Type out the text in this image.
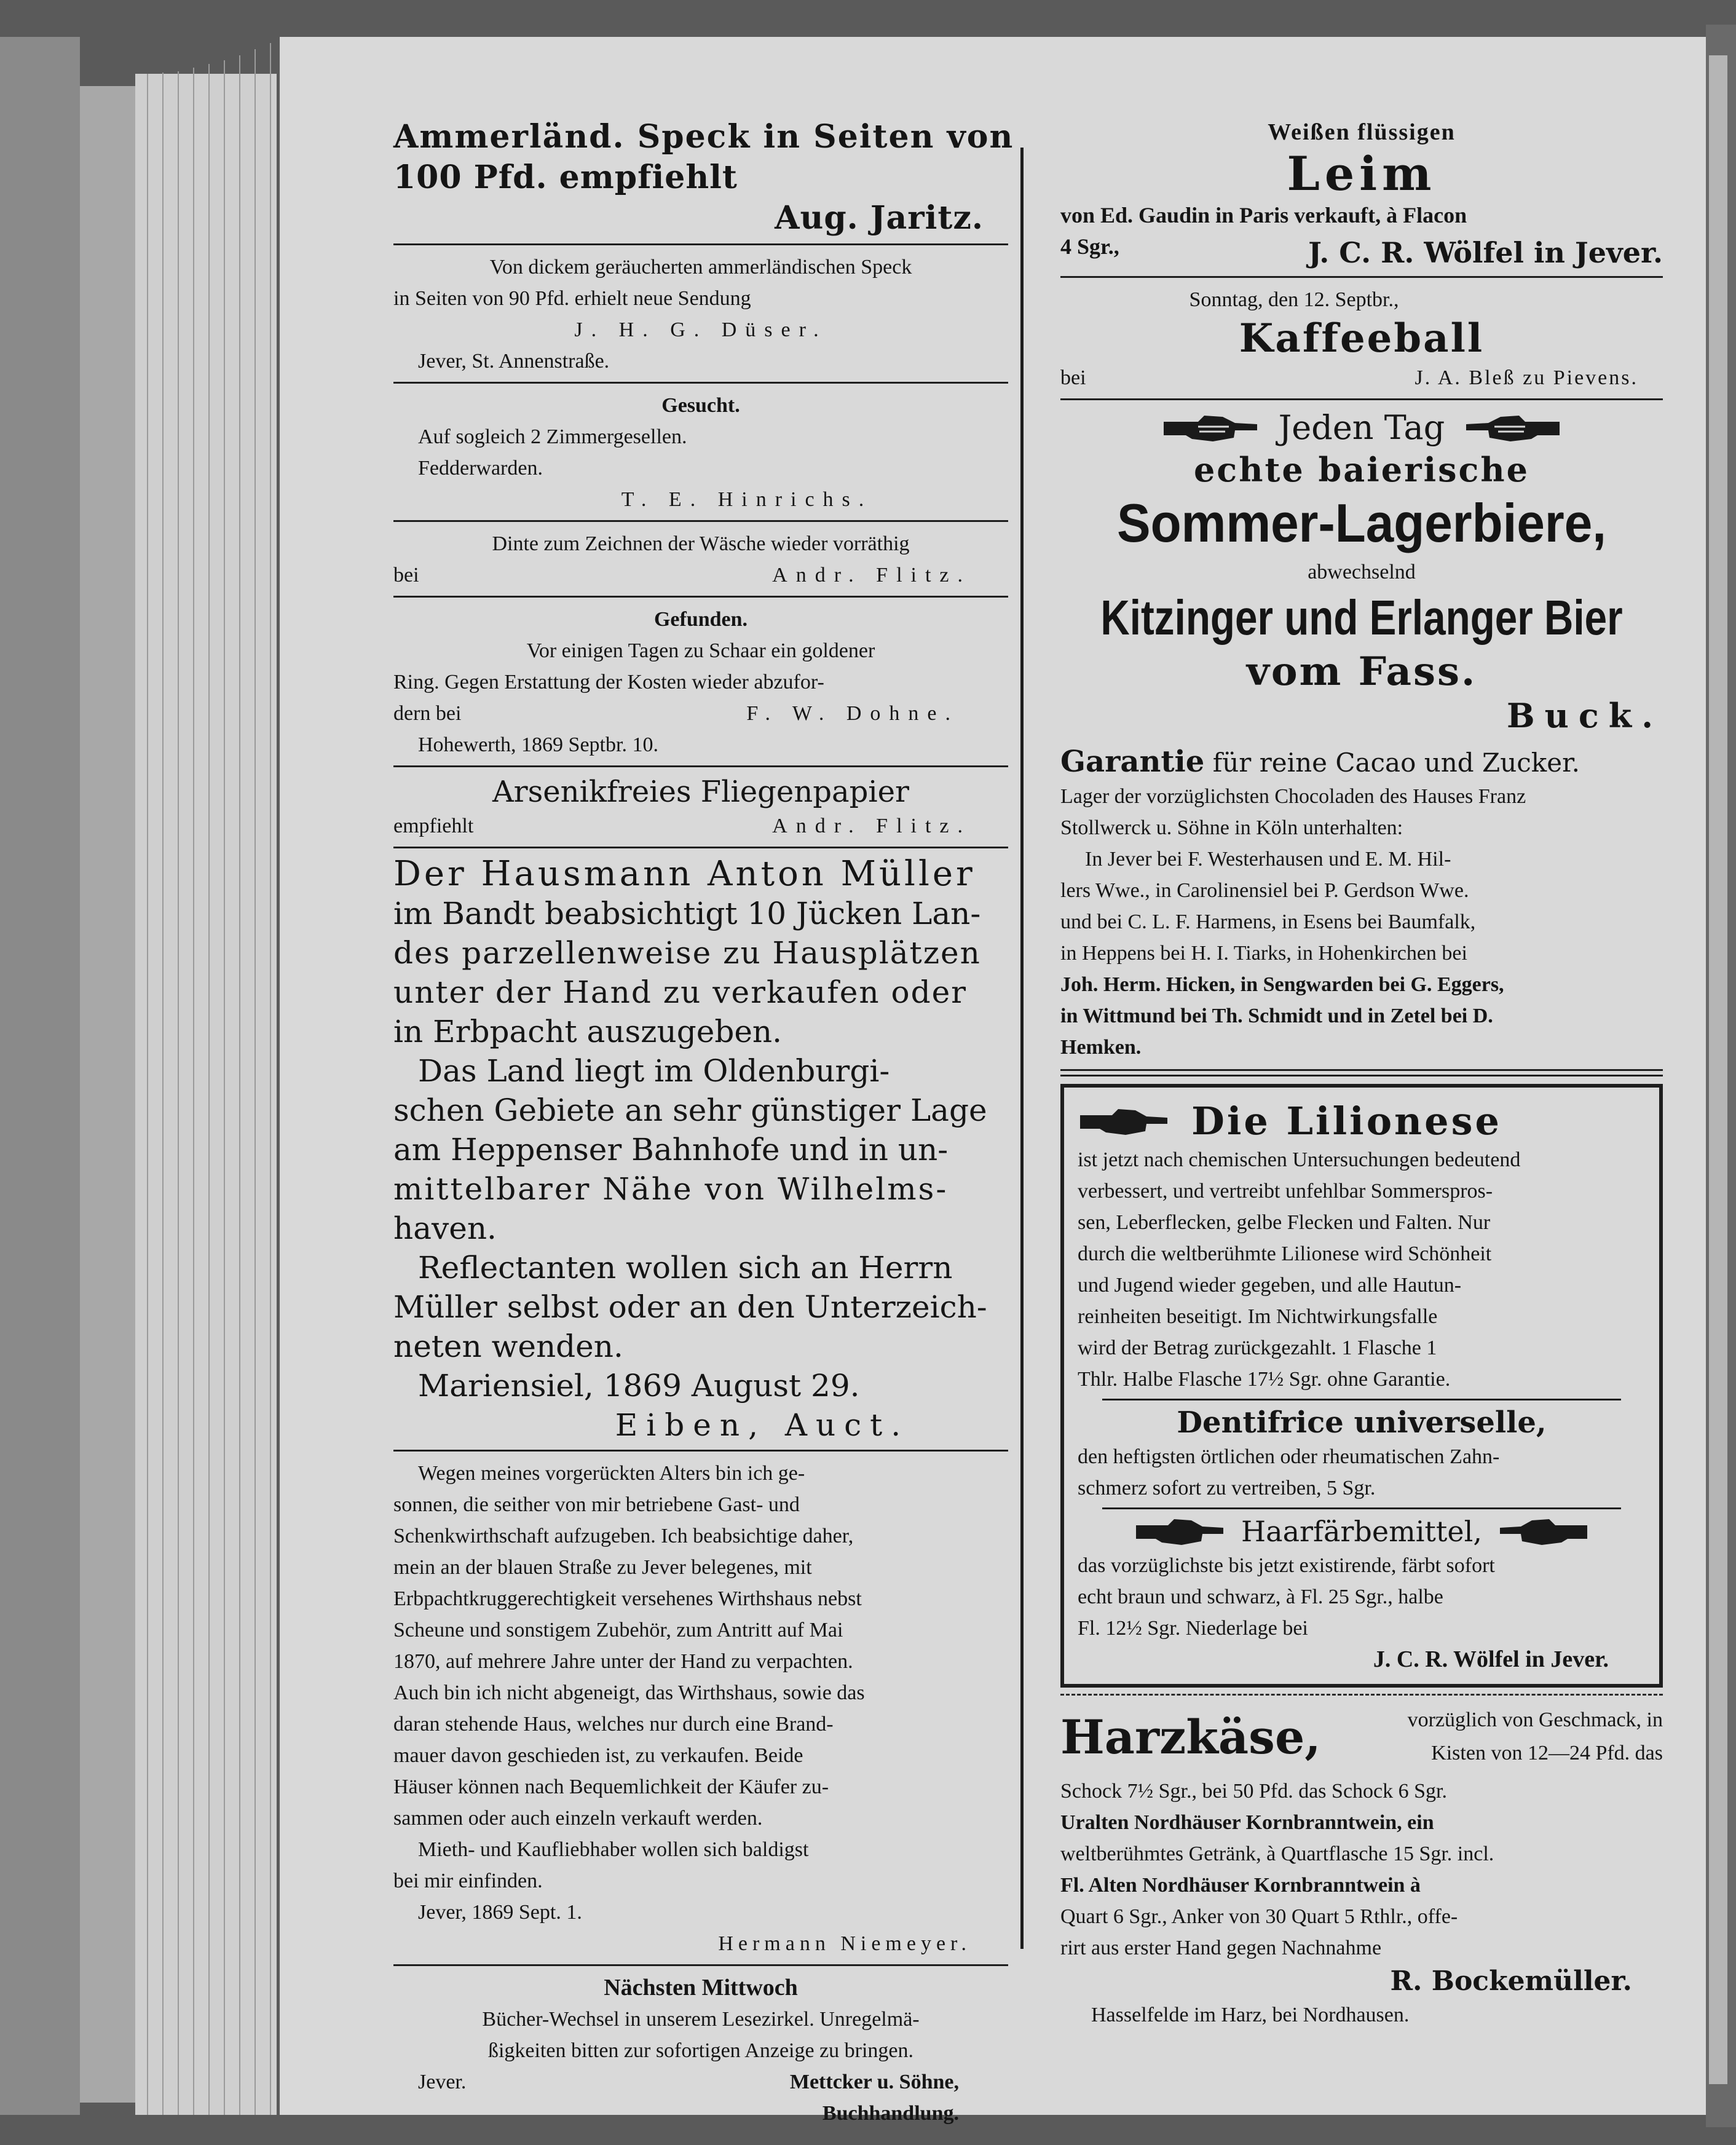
Ammerländ. Speck in Seiten von

100 Pfd. empfiehlt

Aug. Jaritz.

Von dickem geräucherten ammerländischen Speck

in Seiten von 90 Pfd. erhielt neue Sendung

J. H. G. Düser.

Jever, St. Annenstraße.

Gesucht.

Auf sogleich 2 Zimmergesellen.

Fedderwarden.

T. E. Hinrichs.

Dinte zum Zeichnen der Wäsche wieder vorräthig

bei	Andr. Flitz.

Gefunden.

Vor einigen Tagen zu Schaar ein goldener

Ring. Gegen Erstattung der Kosten wieder abzufor-

dern bei	F. W. Dohne.

Hohewerth, 1869 Septbr. 10.

Arsenikfreies Fliegenpapier

empfiehlt	Andr. Flitz.

Der Hausmann Anton Müller

im Bandt beabsichtigt 10 Jücken Lan-

des parzellenweise zu Hausplätzen

unter der Hand zu verkaufen oder

in Erbpacht auszugeben.

Das Land liegt im Oldenburgi-

schen Gebiete an sehr günstiger Lage

am Heppenser Bahnhofe und in un-

mittelbarer Nähe von Wilhelms-

haven.

Reflectanten wollen sich an Herrn

Müller selbst oder an den Unterzeich-

neten wenden.

Mariensiel, 1869 August 29.

Eiben, Auct.

Wegen meines vorgerückten Alters bin ich ge-

sonnen, die seither von mir betriebene Gast- und

Schenkwirthschaft aufzugeben. Ich beabsichtige daher,

mein an der blauen Straße zu Jever belegenes, mit

Erbpachtkruggerechtigkeit versehenes Wirthshaus nebst

Scheune und sonstigem Zubehör, zum Antritt auf Mai

1870, auf mehrere Jahre unter der Hand zu verpachten.

Auch bin ich nicht abgeneigt, das Wirthshaus, sowie das

daran stehende Haus, welches nur durch eine Brand-

mauer davon geschieden ist, zu verkaufen. Beide

Häuser können nach Bequemlichkeit der Käufer zu-

sammen oder auch einzeln verkauft werden.

Mieth- und Kaufliebhaber wollen sich baldigst

bei mir einfinden.

Jever, 1869 Sept. 1.

Hermann Niemeyer.

Nächsten Mittwoch

Bücher-Wechsel in unserem Lesezirkel. Unregelmä-

ßigkeiten bitten zur sofortigen Anzeige zu bringen.

Jever.	Mettcker u. Söhne,

Buchhandlung.

Weißen flüssigen

Leim

von Ed. Gaudin in Paris verkauft, à Flacon

4 Sgr.,	J. C. R. Wölfel in Jever.

Sonntag, den 12. Septbr.,

Kaffeeball

bei	J. A. Bleß zu Pievens.

Jeden Tag

echte baierische

Sommer-Lagerbiere,

abwechselnd

Kitzinger und Erlanger Bier

vom Fass.

Buck.

Garantie für reine Cacao und Zucker.

Lager der vorzüglichsten Chocoladen des Hauses Franz

Stollwerck u. Söhne in Köln unterhalten:

In Jever bei F. Westerhausen und E. M. Hil-

lers Wwe., in Carolinensiel bei P. Gerdson Wwe.

und bei C. L. F. Harmens, in Esens bei Baumfalk,

in Heppens bei H. I. Tiarks, in Hohenkirchen bei

Joh. Herm. Hicken, in Sengwarden bei G. Eggers,

in Wittmund bei Th. Schmidt und in Zetel bei D.

Hemken.

Die Lilionese

ist jetzt nach chemischen Untersuchungen bedeutend

verbessert, und vertreibt unfehlbar Sommerspros-

sen, Leberflecken, gelbe Flecken und Falten. Nur

durch die weltberühmte Lilionese wird Schönheit

und Jugend wieder gegeben, und alle Hautun-

reinheiten beseitigt. Im Nichtwirkungsfalle

wird der Betrag zurückgezahlt. 1 Flasche 1

Thlr. Halbe Flasche 17½ Sgr. ohne Garantie.

Dentifrice universelle,

den heftigsten örtlichen oder rheumatischen Zahn-

schmerz sofort zu vertreiben, 5 Sgr.

Haarfärbemittel,

das vorzüglichste bis jetzt existirende, färbt sofort

echt braun und schwarz, à Fl. 25 Sgr., halbe

Fl. 12½ Sgr. Niederlage bei

J. C. R. Wölfel in Jever.

Harzkäse,	vorzüglich von Geschmack, in
Kisten von 12—24 Pfd. das

Schock 7½ Sgr., bei 50 Pfd. das Schock 6 Sgr.

Uralten Nordhäuser Kornbranntwein, ein

weltberühmtes Getränk, à Quartflasche 15 Sgr. incl.

Fl. Alten Nordhäuser Kornbranntwein à

Quart 6 Sgr., Anker von 30 Quart 5 Rthlr., offe-

rirt aus erster Hand gegen Nachnahme

R. Bockemüller.

Hasselfelde im Harz, bei Nordhausen.
